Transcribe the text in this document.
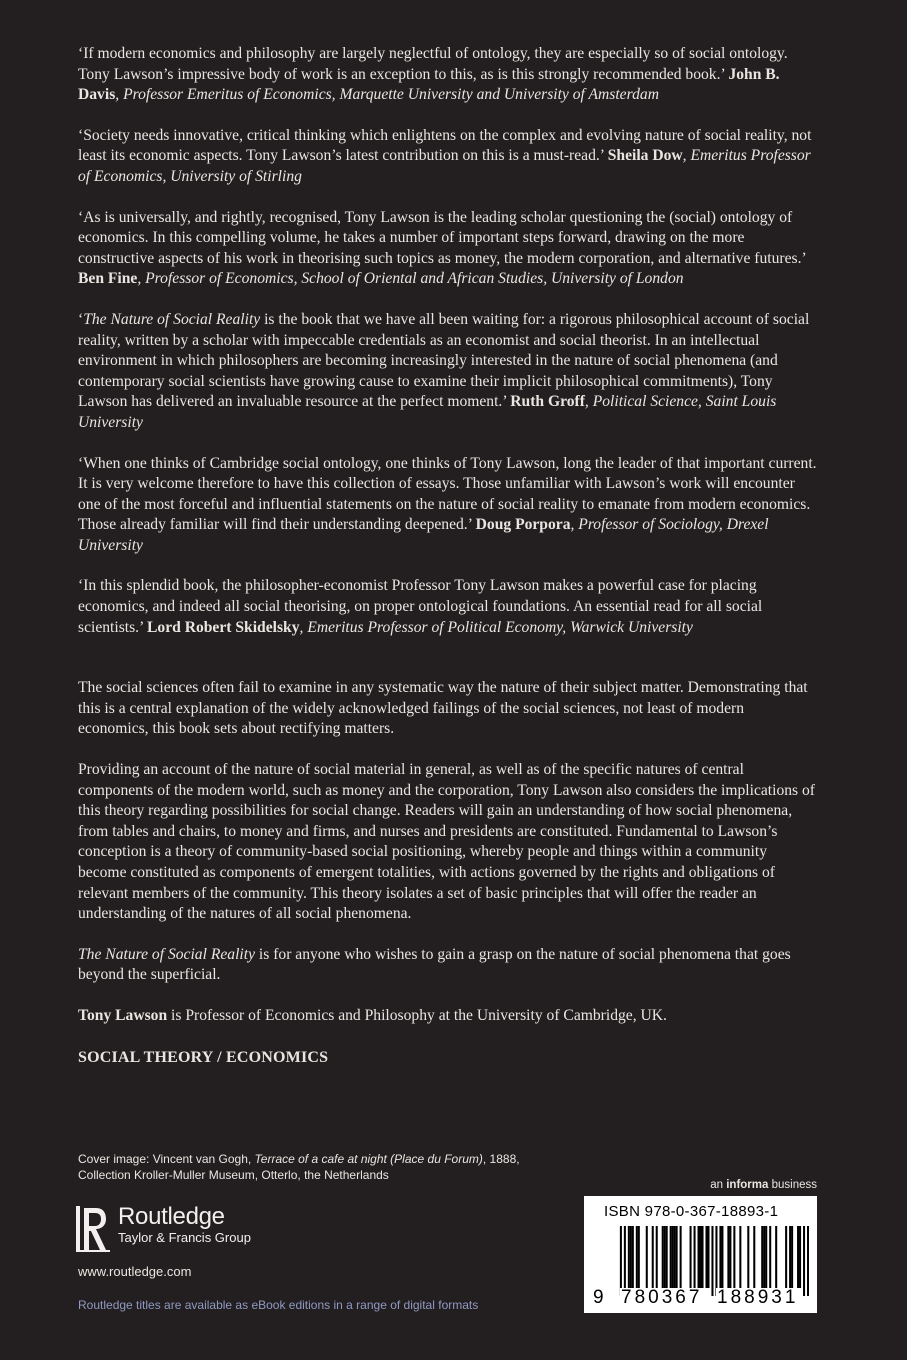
‘If modern economics and philosophy are largely neglectful of ontology, they are especially so of social ontology. Tony Lawson’s impressive body of work is an exception to this, as is this strongly recommended book.’ John B. Davis, Professor Emeritus of Economics, Marquette University and University of Amsterdam

‘Society needs innovative, critical thinking which enlightens on the complex and evolving nature of social reality, not least its economic aspects. Tony Lawson’s latest contribution on this is a must-read.’ Sheila Dow, Emeritus Professor of Economics, University of Stirling

‘As is universally, and rightly, recognised, Tony Lawson is the leading scholar questioning the (social) ontology of economics. In this compelling volume, he takes a number of important steps forward, drawing on the more constructive aspects of his work in theorising such topics as money, the modern corporation, and alternative futures.’ Ben Fine, Professor of Economics, School of Oriental and African Studies, University of London

‘The Nature of Social Reality is the book that we have all been waiting for: a rigorous philosophical account of social reality, written by a scholar with impeccable credentials as an economist and social theorist. In an intellectual environment in which philosophers are becoming increasingly interested in the nature of social phenomena (and contemporary social scientists have growing cause to examine their implicit philosophical commitments), Tony Lawson has delivered an invaluable resource at the perfect moment.’ Ruth Groff, Political Science, Saint Louis University

‘When one thinks of Cambridge social ontology, one thinks of Tony Lawson, long the leader of that important current. It is very welcome therefore to have this collection of essays. Those unfamiliar with Lawson’s work will encounter one of the most forceful and influential statements on the nature of social reality to emanate from modern economics. Those already familiar will find their understanding deepened.’ Doug Porpora, Professor of Sociology, Drexel University

‘In this splendid book, the philosopher-economist Professor Tony Lawson makes a powerful case for placing economics, and indeed all social theorising, on proper ontological foundations. An essential read for all social scientists.’ Lord Robert Skidelsky, Emeritus Professor of Political Economy, Warwick University

The social sciences often fail to examine in any systematic way the nature of their subject matter. Demonstrating that this is a central explanation of the widely acknowledged failings of the social sciences, not least of modern economics, this book sets about rectifying matters.

Providing an account of the nature of social material in general, as well as of the specific natures of central components of the modern world, such as money and the corporation, Tony Lawson also considers the implications of this theory regarding possibilities for social change. Readers will gain an understanding of how social phenomena, from tables and chairs, to money and firms, and nurses and presidents are constituted. Fundamental to Lawson’s conception is a theory of community-based social positioning, whereby people and things within a community become constituted as components of emergent totalities, with actions governed by the rights and obligations of relevant members of the community. This theory isolates a set of basic principles that will offer the reader an understanding of the natures of all social phenomena.

The Nature of Social Reality is for anyone who wishes to gain a grasp on the nature of social phenomena that goes beyond the superficial.

Tony Lawson is Professor of Economics and Philosophy at the University of Cambridge, UK.

SOCIAL THEORY / ECONOMICS
Cover image: Vincent van Gogh, Terrace of a cafe at night (Place du Forum), 1888, Collection Kroller-Muller Museum, Otterlo, the Netherlands
Routledge
Taylor & Francis Group
www.routledge.com
Routledge titles are available as eBook editions in a range of digital formats
an informa business
ISBN 978-0-367-18893-1
9 780367 188931
